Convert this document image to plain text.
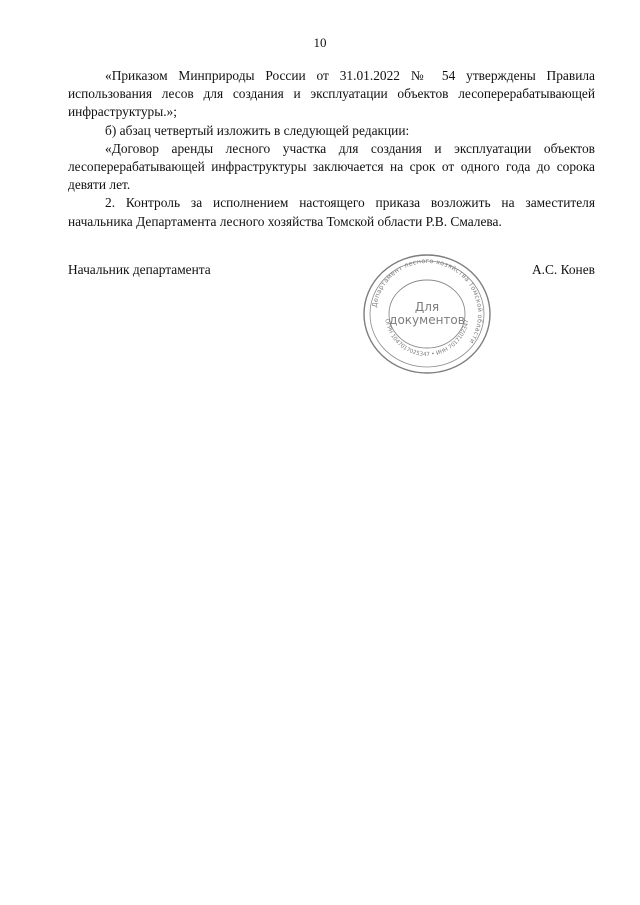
10

«Приказом Минприроды России от 31.01.2022 № 54 утверждены Правила использования лесов для создания и эксплуатации объектов лесоперерабатывающей инфраструктуры.»;

б) абзац четвертый изложить в следующей редакции:

«Договор аренды лесного участка для создания и эксплуатации объектов лесоперерабатывающей инфраструктуры заключается на срок от одного года до сорока девяти лет.

2. Контроль за исполнением настоящего приказа возложить на заместителя начальника Департамента лесного хозяйства Томской области Р.В. Смалева.

Начальник департамента	А.С. Конев
Департамент лесного хозяйства Томской области
ОГРН 1047017025347 • ИНН 7017102347
Для
документов
